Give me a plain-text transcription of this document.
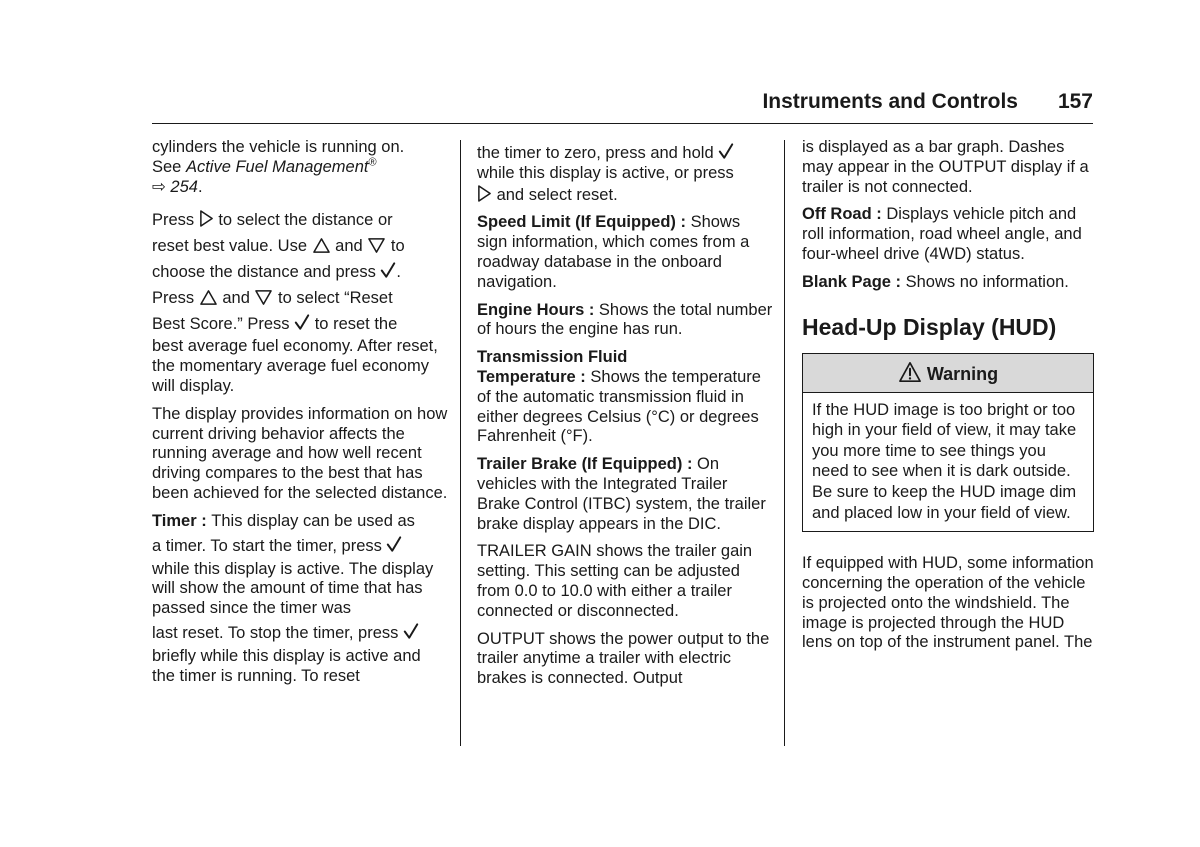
Instruments and Controls 157

cylinders the vehicle is running on.
See Active Fuel Management®
⇨ 254.

Press  to select the distance or
reset best value. Use  and  to
choose the distance and press .
Press  and  to select “Reset
Best Score.” Press  to reset the

best average fuel economy. After reset, the momentary average fuel economy will display.

The display provides information on how current driving behavior affects the running average and how well recent driving compares to the best that has been achieved for the selected distance.

Timer : This display can be used as
a timer. To start the timer, press
while this display is active. The display will show the amount of time that has passed since the timer was
last reset. To stop the timer, press
briefly while this display is active and the timer is running. To reset

the timer to zero, press and hold
while this display is active, or press
and select reset.

Speed Limit (If Equipped) : Shows sign information, which comes from a roadway database in the onboard navigation.

Engine Hours : Shows the total number of hours the engine has run.

Transmission Fluid
Temperature : Shows the temperature of the automatic transmission fluid in either degrees Celsius (°C) or degrees Fahrenheit (°F).

Trailer Brake (If Equipped) : On vehicles with the Integrated Trailer Brake Control (ITBC) system, the trailer brake display appears in the DIC.

TRAILER GAIN shows the trailer gain setting. This setting can be adjusted from 0.0 to 10.0 with either a trailer connected or disconnected.

OUTPUT shows the power output to the trailer anytime a trailer with electric brakes is connected. Output

is displayed as a bar graph. Dashes may appear in the OUTPUT display if a trailer is not connected.

Off Road : Displays vehicle pitch and roll information, road wheel angle, and four-wheel drive (4WD) status.

Blank Page : Shows no information.

Head-Up Display (HUD)
Warning
If the HUD image is too bright or too high in your field of view, it may take you more time to see things you need to see when it is dark outside. Be sure to keep the HUD image dim and placed low in your field of view.

If equipped with HUD, some information concerning the operation of the vehicle is projected onto the windshield. The image is projected through the HUD lens on top of the instrument panel. The
